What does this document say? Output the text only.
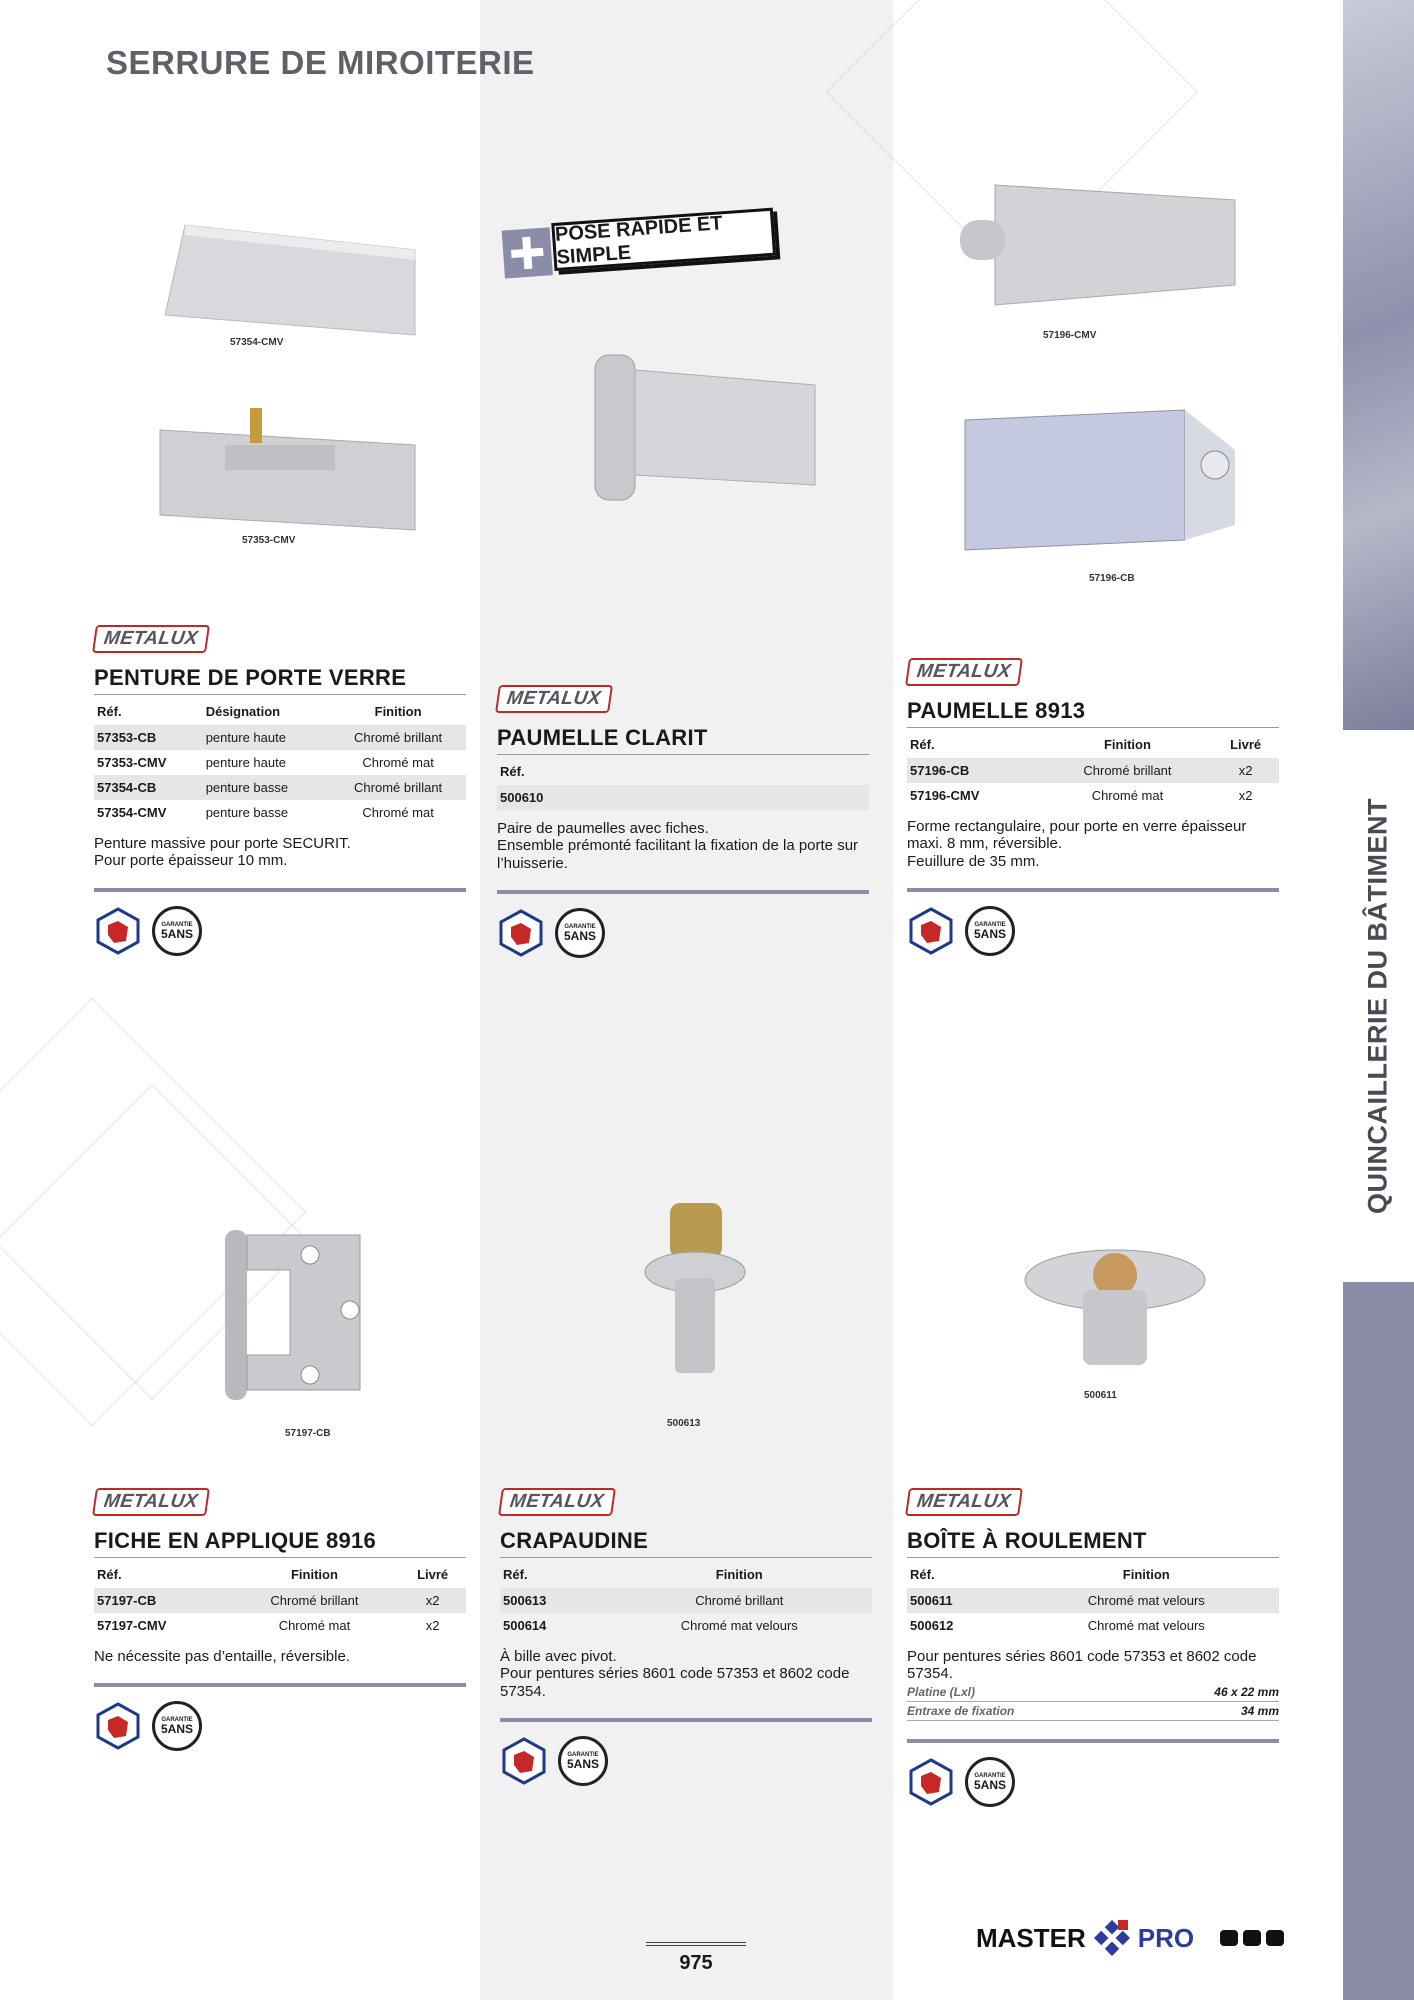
QUINCAILLERIE DU BÂTIMENT
SERRURE DE MIROITERIE
57354-CMV
57353-CMV
POSE RAPIDE ET SIMPLE
57196-CMV
57196-CB
57197-CB
500613
500611
METALUX
PENTURE DE PORTE VERRE
Réf.	Désignation	Finition
57353-CB	penture haute	Chromé brillant
57353-CMV	penture haute	Chromé mat
57354-CB	penture basse	Chromé brillant
57354-CMV	penture basse	Chromé mat
Penture massive pour porte SECURIT.
Pour porte épaisseur 10 mm.
GARANTIE
5ANS
METALUX
PAUMELLE CLARIT
Réf.
500610
Paire de paumelles avec fiches.
Ensemble prémonté facilitant la fixation de la porte sur l’huisserie.
GARANTIE
5ANS
METALUX
PAUMELLE 8913
Réf.	Finition	Livré
57196-CB	Chromé brillant	x2
57196-CMV	Chromé mat	x2
Forme rectangulaire, pour porte en verre épaisseur maxi. 8 mm, réversible.
Feuillure de 35 mm.
GARANTIE
5ANS
METALUX
FICHE EN APPLIQUE 8916
Réf.	Finition	Livré
57197-CB	Chromé brillant	x2
57197-CMV	Chromé mat	x2
Ne nécessite pas d’entaille, réversible.
GARANTIE
5ANS
METALUX
CRAPAUDINE
Réf.	Finition
500613	Chromé brillant
500614	Chromé mat velours
À bille avec pivot.
Pour pentures séries 8601 code 57353 et 8602 code 57354.
GARANTIE
5ANS
METALUX
BOÎTE À ROULEMENT
Réf.	Finition
500611	Chromé mat velours
500612	Chromé mat velours
Pour pentures séries 8601 code 57353 et 8602 code 57354.
Platine (Lxl)	46 x 22 mm
Entraxe de fixation	34 mm
GARANTIE
5ANS
975
MASTER PRO
